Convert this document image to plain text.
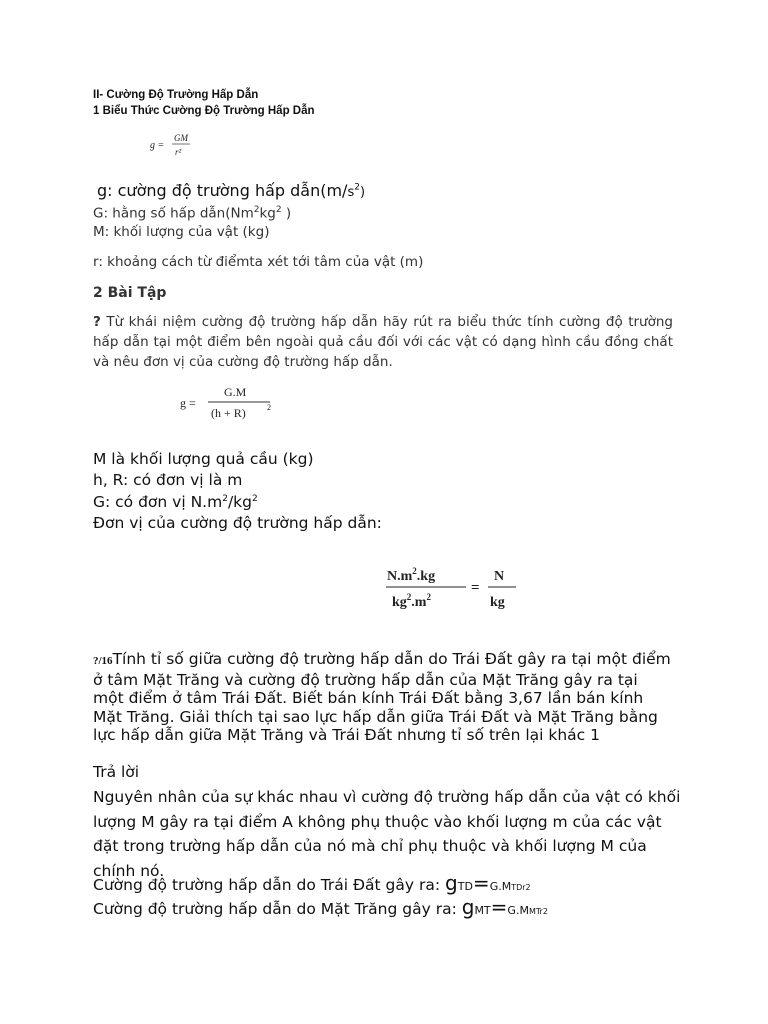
II- Cường Độ Trường Hấp Dẫn
1 Biểu Thức Cường Độ Trường Hấp Dẫn
g =
GM
r²
g: cường độ trường hấp $dẫn(m/s^2)$
G: hằng số hấp $dẫn(Nm^2kg^2$ )
M: khối lượng của vật (kg)
r: khoảng cách từ điểmta xét tới tâm của vật (m)
2 Bài Tập
? Từ khái niệm cường độ trường hấp dẫn hãy rút ra biểu thức tính cường độ trường hấp dẫn tại một điểm bên ngoài quả cầu đối với các vật có dạng hình cầu đồng chất và nêu đơn vị của cường độ trường hấp dẫn.
g =
G.M
(h + R)	2
M là khối lượng quả cầu (kg)
h, R: có đơn vị là m
G: có đơn vị $N.m^2/kg^2$
Đơn vị của cường độ trường hấp dẫn:
$N.m^2.kg$
$kg^2.m^2$
=
N
kg
?/16Tính tỉ số giữa cường độ trường hấp dẫn do Trái Đất gây ra tại một điểm ở tâm Mặt Trăng và cường độ trường hấp dẫn của Mặt Trăng gây ra tại một điểm ở tâm Trái Đất. Biết bán kính Trái Đất bằng 3,67 lần bán kính Mặt Trăng. Giải thích tại sao lực hấp dẫn giữa Trái Đất và Mặt Trăng bằng lực hấp dẫn giữa Mặt Trăng và Trái Đất nhưng tỉ số trên lại khác 1
Trả lời
Nguyên nhân của sự khác nhau vì cường độ trường hấp dẫn của vật có khối lượng M gây ra tại điểm A không phụ thuộc vào khối lượng m của các vật đặt trong trường hấp dẫn của nó mà chỉ phụ thuộc và khối lượng M của chính nó.
Cường độ trường hấp dẫn do Trái Đất gây ra: gTD=G.MTDr2
Cường độ trường hấp dẫn do Mặt Trăng gây ra: gMT=G.MMTr2
